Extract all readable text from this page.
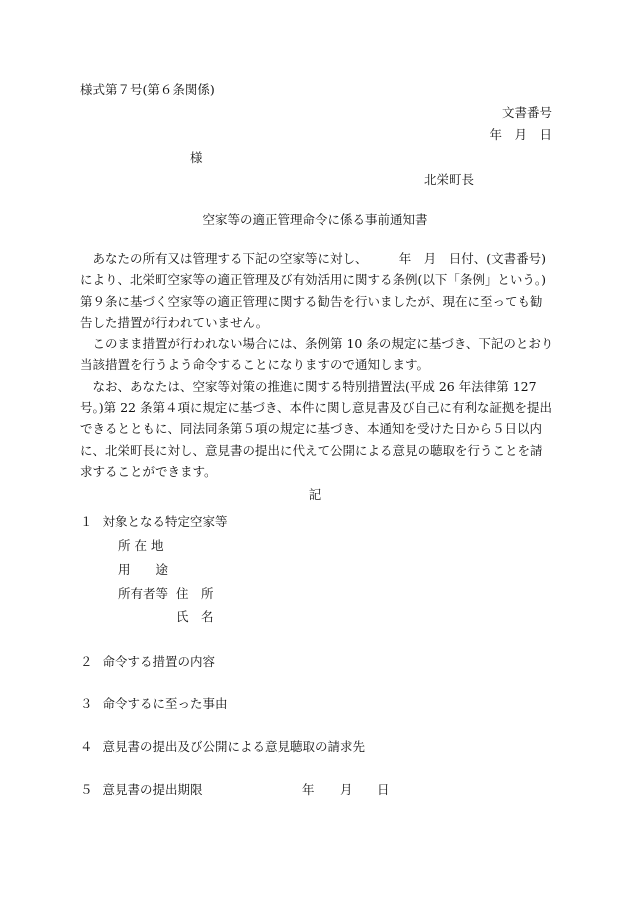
様式第７号(第６条関係)
文書番号
年　月　日
様
北栄町長
空家等の適正管理命令に係る事前通知書
あなたの所有又は管理する下記の空家等に対し、　　　年　月　日付、(文書番号)により、北栄町空家等の適正管理及び有効活用に関する条例(以下「条例」という。)第９条に基づく空家等の適正管理に関する勧告を行いましたが、現在に至っても勧告した措置が行われていません。
このまま措置が行われない場合には、条例第 10 条の規定に基づき、下記のとおり当該措置を行うよう命令することになりますので通知します。
なお、あなたは、空家等対策の推進に関する特別措置法(平成 26 年法律第 127 号。)第 22 条第４項に規定に基づき、本件に関し意見書及び自己に有利な証拠を提出できるとともに、同法同条第５項の規定に基づき、本通知を受けた日から５日以内に、北栄町長に対し、意見書の提出に代えて公開による意見の聴取を行うことを請求することができます。
記
１ 対象となる特定空家等
所 在 地
用　　途
所有者等 住　所
氏　名
２ 命令する措置の内容
３ 命令するに至った事由
４ 意見書の提出及び公開による意見聴取の請求先
５ 意見書の提出期限	年 月 日
